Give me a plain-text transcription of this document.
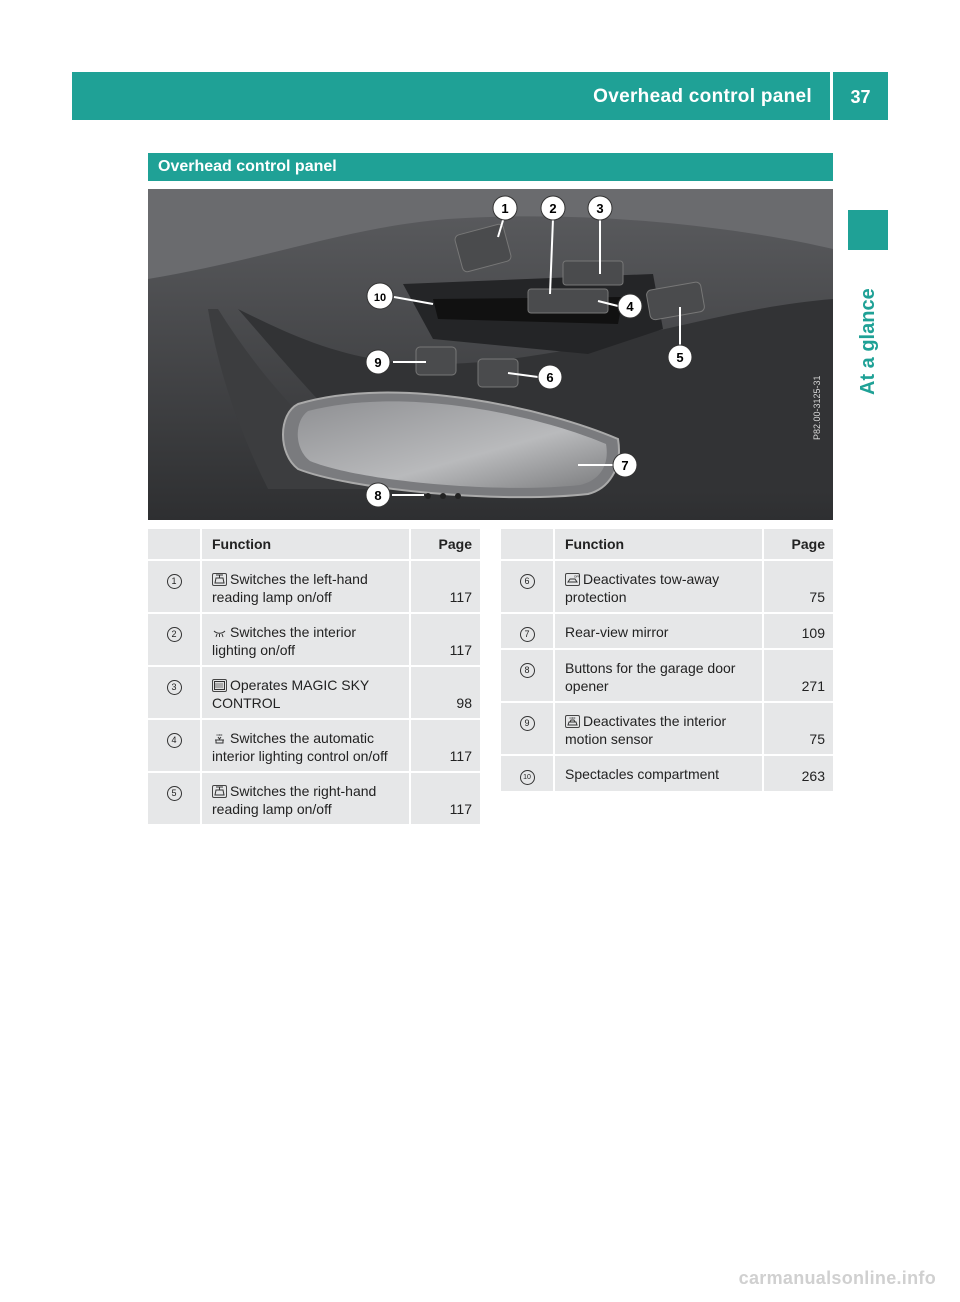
Overhead control panel	37
At a glance
Overhead control panel
1	2	3
4
5
6
7
8
9
10
P82.00-3125-31
	Function	Page
1	Switches the left-hand reading lamp on/off	117
2	Switches the interior lighting on/off	117
3	Operates MAGIC SKY CONTROL	98
4	OFF Switches the automatic interior lighting control on/off	117
5	Switches the right-hand reading lamp on/off	117
	Function	Page
6	OFF Deactivates tow-away protection	75
7	Rear-view mirror	109
8	Buttons for the garage door opener	271
9	OFF Deactivates the interior motion sensor	75
10	Spectacles compartment	263
carmanualsonline.info
